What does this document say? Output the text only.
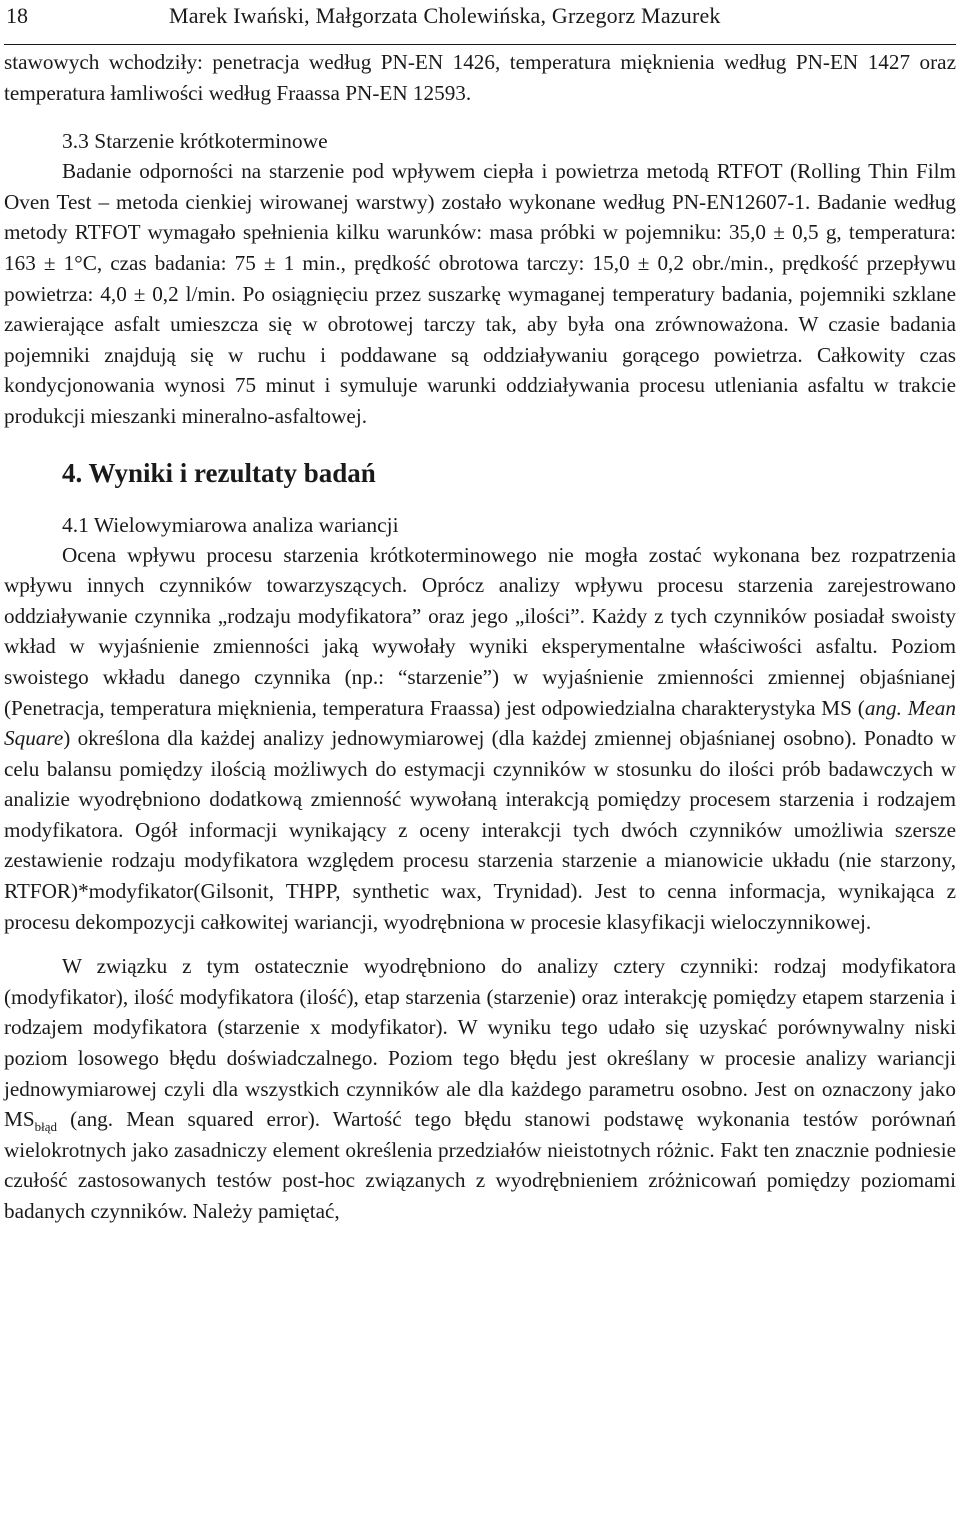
18	Marek Iwański, Małgorzata Cholewińska, Grzegorz Mazurek

stawowych wchodziły: penetracja według PN-EN 1426, temperatura mięknienia według PN-EN 1427 oraz temperatura łamliwości według Fraassa PN-EN 12593.

3.3 Starzenie krótkoterminowe

Badanie odporności na starzenie pod wpływem ciepła i powietrza metodą RTFOT (Rolling Thin Film Oven Test – metoda cienkiej wirowanej warstwy) zostało wykonane według PN-EN12607-1. Badanie według metody RTFOT wymagało spełnienia kilku warunków: masa próbki w pojemniku: 35,0 ± 0,5 g, temperatura: 163 ± 1°C, czas badania: 75 ± 1 min., prędkość obrotowa tarczy: 15,0 ± 0,2 obr./min., prędkość przepływu powietrza: 4,0 ± 0,2 l/min. Po osiągnięciu przez suszarkę wymaganej temperatury badania, pojemniki szklane zawierające asfalt umieszcza się w obrotowej tarczy tak, aby była ona zrównoważona. W czasie badania pojemniki znajdują się w ruchu i poddawane są oddziaływaniu gorącego powietrza. Całkowity czas kondycjonowania wynosi 75 minut i symuluje warunki oddziaływania procesu utleniania asfaltu w trakcie produkcji mieszanki mineralno-asfaltowej.

4. Wyniki i rezultaty badań
4.1 Wielowymiarowa analiza wariancji

Ocena wpływu procesu starzenia krótkoterminowego nie mogła zostać wykonana bez rozpatrzenia wpływu innych czynników towarzyszących. Oprócz analizy wpływu procesu starzenia zarejestrowano oddziaływanie czynnika „rodzaju modyfikatora” oraz jego „ilości”. Każdy z tych czynników posiadał swoisty wkład w wyjaśnienie zmienności jaką wywołały wyniki eksperymentalne właściwości asfaltu. Poziom swoistego wkładu danego czynnika (np.: “starzenie”) w wyjaśnienie zmienności zmiennej objaśnianej (Penetracja, temperatura mięknienia, temperatura Fraassa) jest odpowiedzialna charakterystyka MS (ang. Mean Square) określona dla każdej analizy jednowymiarowej (dla każdej zmiennej objaśnianej osobno). Ponadto w celu balansu pomiędzy ilością możliwych do estymacji czynników w stosunku do ilości prób badawczych w analizie wyodrębniono dodatkową zmienność wywołaną interakcją pomiędzy procesem starzenia i rodzajem modyfikatora. Ogół informacji wynikający z oceny interakcji tych dwóch czynników umożliwia szersze zestawienie rodzaju modyfikatora względem procesu starzenia starzenie a mianowicie układu (nie starzony, RTFOR)*modyfikator(Gilsonit, THPP, synthetic wax, Trynidad). Jest to cenna informacja, wynikająca z procesu dekompozycji całkowitej wariancji, wyodrębniona w procesie klasyfikacji wieloczynnikowej.

W związku z tym ostatecznie wyodrębniono do analizy cztery czynniki: rodzaj modyfikatora (modyfikator), ilość modyfikatora (ilość), etap starzenia (starzenie) oraz interakcję pomiędzy etapem starzenia i rodzajem modyfikatora (starzenie x modyfikator). W wyniku tego udało się uzyskać porównywalny niski poziom losowego błędu doświadczalnego. Poziom tego błędu jest określany w procesie analizy wariancji jednowymiarowej czyli dla wszystkich czynników ale dla każdego parametru osobno. Jest on oznaczony jako $MS_{błąd}$ (ang. Mean squared error). Wartość tego błędu stanowi podstawę wykonania testów porównań wielokrotnych jako zasadniczy element określenia przedziałów nieistotnych różnic. Fakt ten znacznie podniesie czułość zastosowanych testów post-hoc związanych z wyodrębnieniem zróżnicowań pomiędzy poziomami badanych czynników. Należy pamiętać,
